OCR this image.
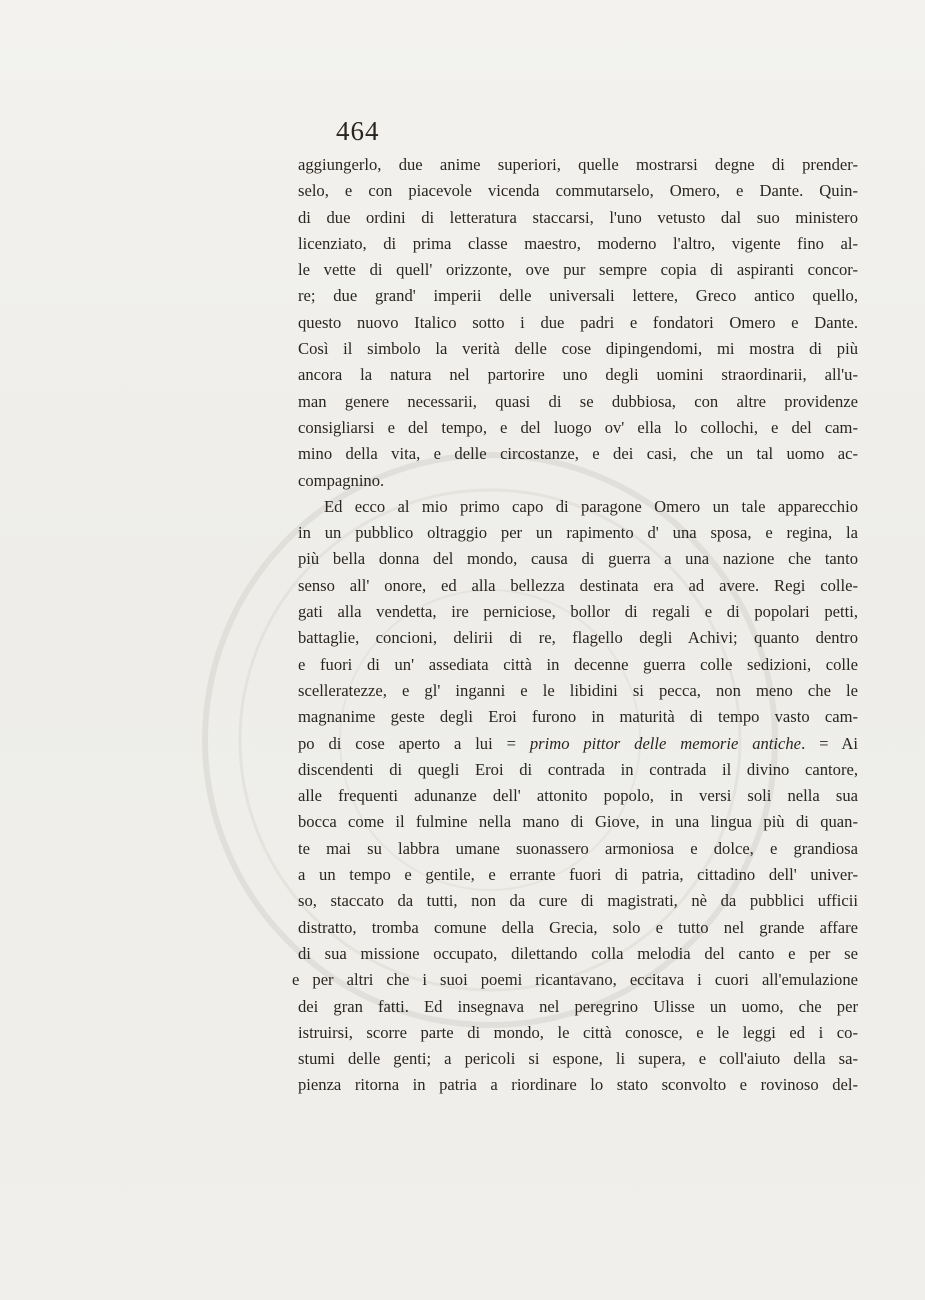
464
aggiungerlo, due anime superiori, quelle mostrarsi degne di prender-
selo, e con piacevole vicenda commutarselo, Omero, e Dante. Quin-
di due ordini di letteratura staccarsi, l'uno vetusto dal suo ministero
licenziato, di prima classe maestro, moderno l'altro, vigente fino al-
le vette di quell' orizzonte, ove pur sempre copia di aspiranti concor-
re; due grand' imperii delle universali lettere, Greco antico quello,
questo nuovo Italico sotto i due padri e fondatori Omero e Dante.
Così il simbolo la verità delle cose dipingendomi, mi mostra di più
ancora la natura nel partorire uno degli uomini straordinarii, all'u-
man genere necessarii, quasi di se dubbiosa, con altre providenze
consigliarsi e del tempo, e del luogo ov' ella lo collochi, e del cam-
mino della vita, e delle circostanze, e dei casi, che un tal uomo ac-
compagnino.
Ed ecco al mio primo capo di paragone Omero un tale apparecchio
in un pubblico oltraggio per un rapimento d' una sposa, e regina, la
più bella donna del mondo, causa di guerra a una nazione che tanto
senso all' onore, ed alla bellezza destinata era ad avere. Regi colle-
gati alla vendetta, ire perniciose, bollor di regali e di popolari petti,
battaglie, concioni, delirii di re, flagello degli Achivi; quanto dentro
e fuori di un' assediata città in decenne guerra colle sedizioni, colle
scelleratezze, e gl' inganni e le libidini si pecca, non meno che le
magnanime geste degli Eroi furono in maturità di tempo vasto cam-
po di cose aperto a lui = primo pittor delle memorie antiche. = Ai
discendenti di quegli Eroi di contrada in contrada il divino cantore,
alle frequenti adunanze dell' attonito popolo, in versi soli nella sua
bocca come il fulmine nella mano di Giove, in una lingua più di quan-
te mai su labbra umane suonassero armoniosa e dolce, e grandiosa
a un tempo e gentile, e errante fuori di patria, cittadino dell' univer-
so, staccato da tutti, non da cure di magistrati, nè da pubblici ufficii
distratto, tromba comune della Grecia, solo e tutto nel grande affare
di sua missione occupato, dilettando colla melodia del canto e per se
e per altri che i suoi poemi ricantavano, eccitava i cuori all'emulazione
dei gran fatti. Ed insegnava nel peregrino Ulisse un uomo, che per
istruirsi, scorre parte di mondo, le città conosce, e le leggi ed i co-
stumi delle genti; a pericoli si espone, li supera, e coll'aiuto della sa-
pienza ritorna in patria a riordinare lo stato sconvolto e rovinoso del-
